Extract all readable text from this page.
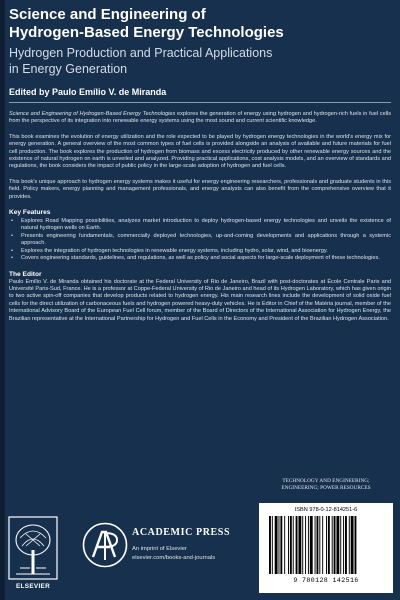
Science and Engineering of
Hydrogen-Based Energy Technologies
Hydrogen Production and Practical Applications
in Energy Generation
Edited by Paulo Emílio V. de Miranda

Science and Engineering of Hydrogen-Based Energy Technologies explores the generation of energy using hydrogen and hydrogen-rich fuels in fuel cells from the perspective of its integration into renewable energy systems using the most sound and current scientific knowledge.

This book examines the evolution of energy utilization and the role expected to be played by hydrogen energy technologies in the world's energy mix for energy generation. A general overview of the most common types of fuel cells is provided alongside an analysis of available and future materials for fuel cell production. The book explores the production of hydrogen from biomass and excess electricity produced by other renewable energy sources and the existence of natural hydrogen on earth is unveiled and analyzed. Providing practical applications, cost analysis models, and an overview of standards and regulations, the book considers the impact of public policy in the large-scale adoption of hydrogen and fuel cells.

This book's unique approach to hydrogen energy systems makes it useful for energy engineering researchers, professionals and graduate students in this field. Policy makers, energy planning and management professionals, and energy analysts can also benefit from the comprehensive overview that it provides.

Key Features
• Explores Road Mapping possibilities, analyzes market introduction to deploy hydrogen-based energy technologies and unveils the existence of natural hydrogen wells on Earth.
• Presents engineering fundamentals, commercially deployed technologies, up-and-coming developments and applications through a systemic approach.
• Explores the integration of hydrogen technologies in renewable energy systems, including hydro, solar, wind, and bioenergy.
• Covers engineering standards, guidelines, and regulations, as well as policy and social aspects for large-scale deployment of these technologies.
The Editor

Paulo Emílio V. de Miranda obtained his doctorate at the Federal University of Rio de Janeiro, Brazil with post-doctorates at École Centrale Paris and Université Paris-Sud, France. He is a professor at Coppe-Federal University of Rio de Janeiro and head of its Hydrogen Laboratory, which has given origin to two active spin-off companies that develop products related to hydrogen energy. His main research lines include the development of solid oxide fuel cells for the direct utilization of carbonaceous fuels and hydrogen powered heavy-duty vehicles. He is Editor in Chief of the Matéria journal, member of the International Advisory Board of the European Fuel Cell forum, member of the Board of Directors of the International Association for Hydrogen Energy, the Brazilian representative at the International Partnership for Hydrogen and Fuel Cells in the Economy and President of the Brazilian Hydrogen Association.

TECHNOLOGY AND ENGINEERING;
ENGINEERING; POWER RESOURCES
ISBN 978-0-12-814251-6
9 780128 142516
ELSEVIER
ACADEMIC PRESS
An imprint of Elsevier
elsevier.com/books-and-journals
